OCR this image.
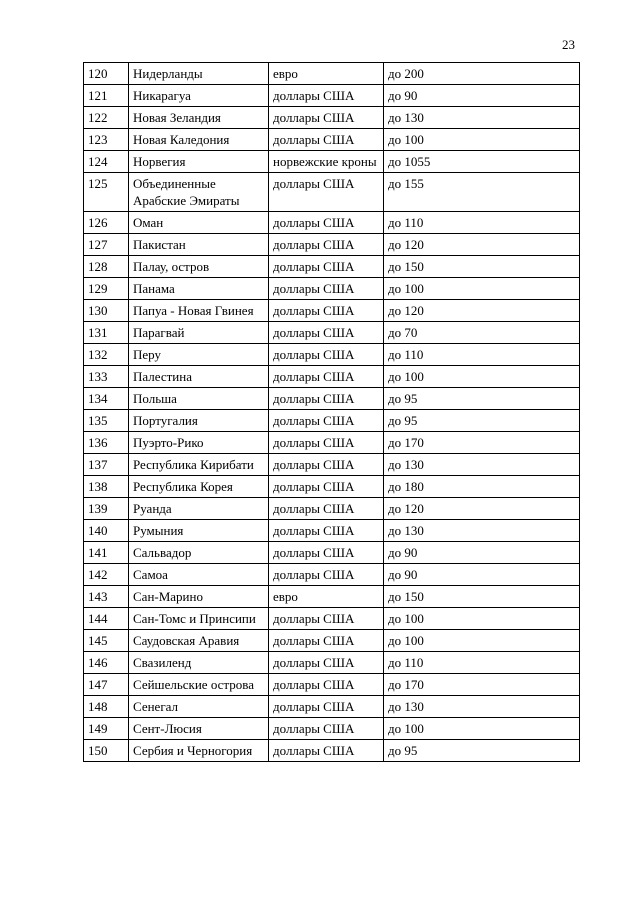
23
120	Нидерланды	евро	до 200
121	Никарагуа	доллары США	до 90
122	Новая Зеландия	доллары США	до 130
123	Новая Каледония	доллары США	до 100
124	Норвегия	норвежские кроны	до 1055
125	Объединенные Арабские Эмираты	доллары США	до 155
126	Оман	доллары США	до 110
127	Пакистан	доллары США	до 120
128	Палау, остров	доллары США	до 150
129	Панама	доллары США	до 100
130	Папуа - Новая Гвинея	доллары США	до 120
131	Парагвай	доллары США	до 70
132	Перу	доллары США	до 110
133	Палестина	доллары США	до 100
134	Польша	доллары США	до 95
135	Португалия	доллары США	до 95
136	Пуэрто-Рико	доллары США	до 170
137	Республика Кирибати	доллары США	до 130
138	Республика Корея	доллары США	до 180
139	Руанда	доллары США	до 120
140	Румыния	доллары США	до 130
141	Сальвадор	доллары США	до 90
142	Самоа	доллары США	до 90
143	Сан-Марино	евро	до 150
144	Сан-Томс и Принсипи	доллары США	до 100
145	Саудовская Аравия	доллары США	до 100
146	Свазиленд	доллары США	до 110
147	Сейшельские острова	доллары США	до 170
148	Сенегал	доллары США	до 130
149	Сент-Люсия	доллары США	до 100
150	Сербия и Черногория	доллары США	до 95
